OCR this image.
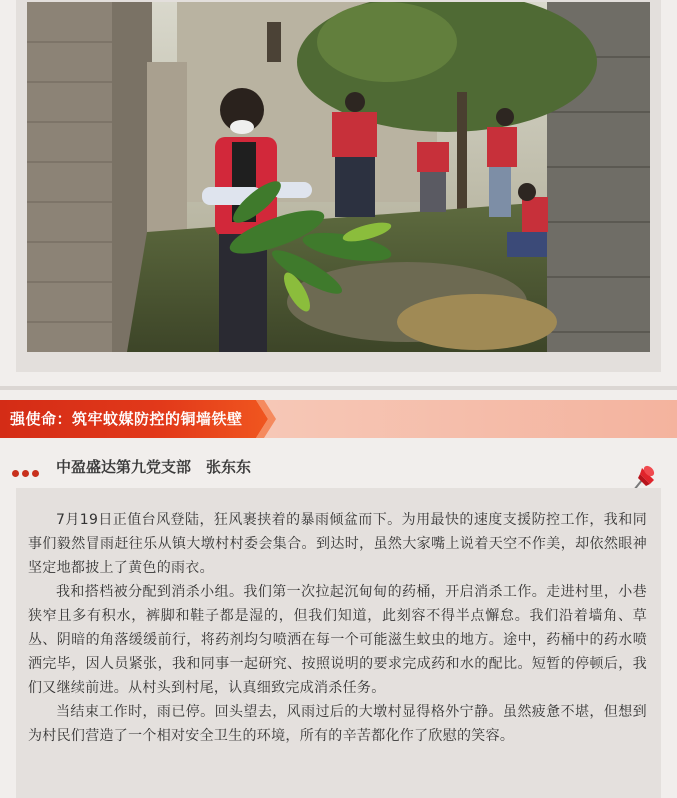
强使命：筑牢蚊媒防控的铜墙铁壁
中盈盛达第九党支部　张东东

7月19日正值台风登陆，狂风裹挟着的暴雨倾盆而下。为用最快的速度支援防控工作，我和同事们毅然冒雨赶往乐从镇大墩村村委会集合。到达时，虽然大家嘴上说着天空不作美，却依然眼神坚定地都披上了黄色的雨衣。

我和搭档被分配到消杀小组。我们第一次拉起沉甸甸的药桶，开启消杀工作。走进村里，小巷狭窄且多有积水，裤脚和鞋子都是湿的，但我们知道，此刻容不得半点懈怠。我们沿着墙角、草丛、阴暗的角落缓缓前行，将药剂均匀喷洒在每一个可能滋生蚊虫的地方。途中，药桶中的药水喷洒完毕，因人员紧张，我和同事一起研究、按照说明的要求完成药和水的配比。短暂的停顿后，我们又继续前进。从村头到村尾，认真细致完成消杀任务。

当结束工作时，雨已停。回头望去，风雨过后的大墩村显得格外宁静。虽然疲惫不堪，但想到为村民们营造了一个相对安全卫生的环境，所有的辛苦都化作了欣慰的笑容。
